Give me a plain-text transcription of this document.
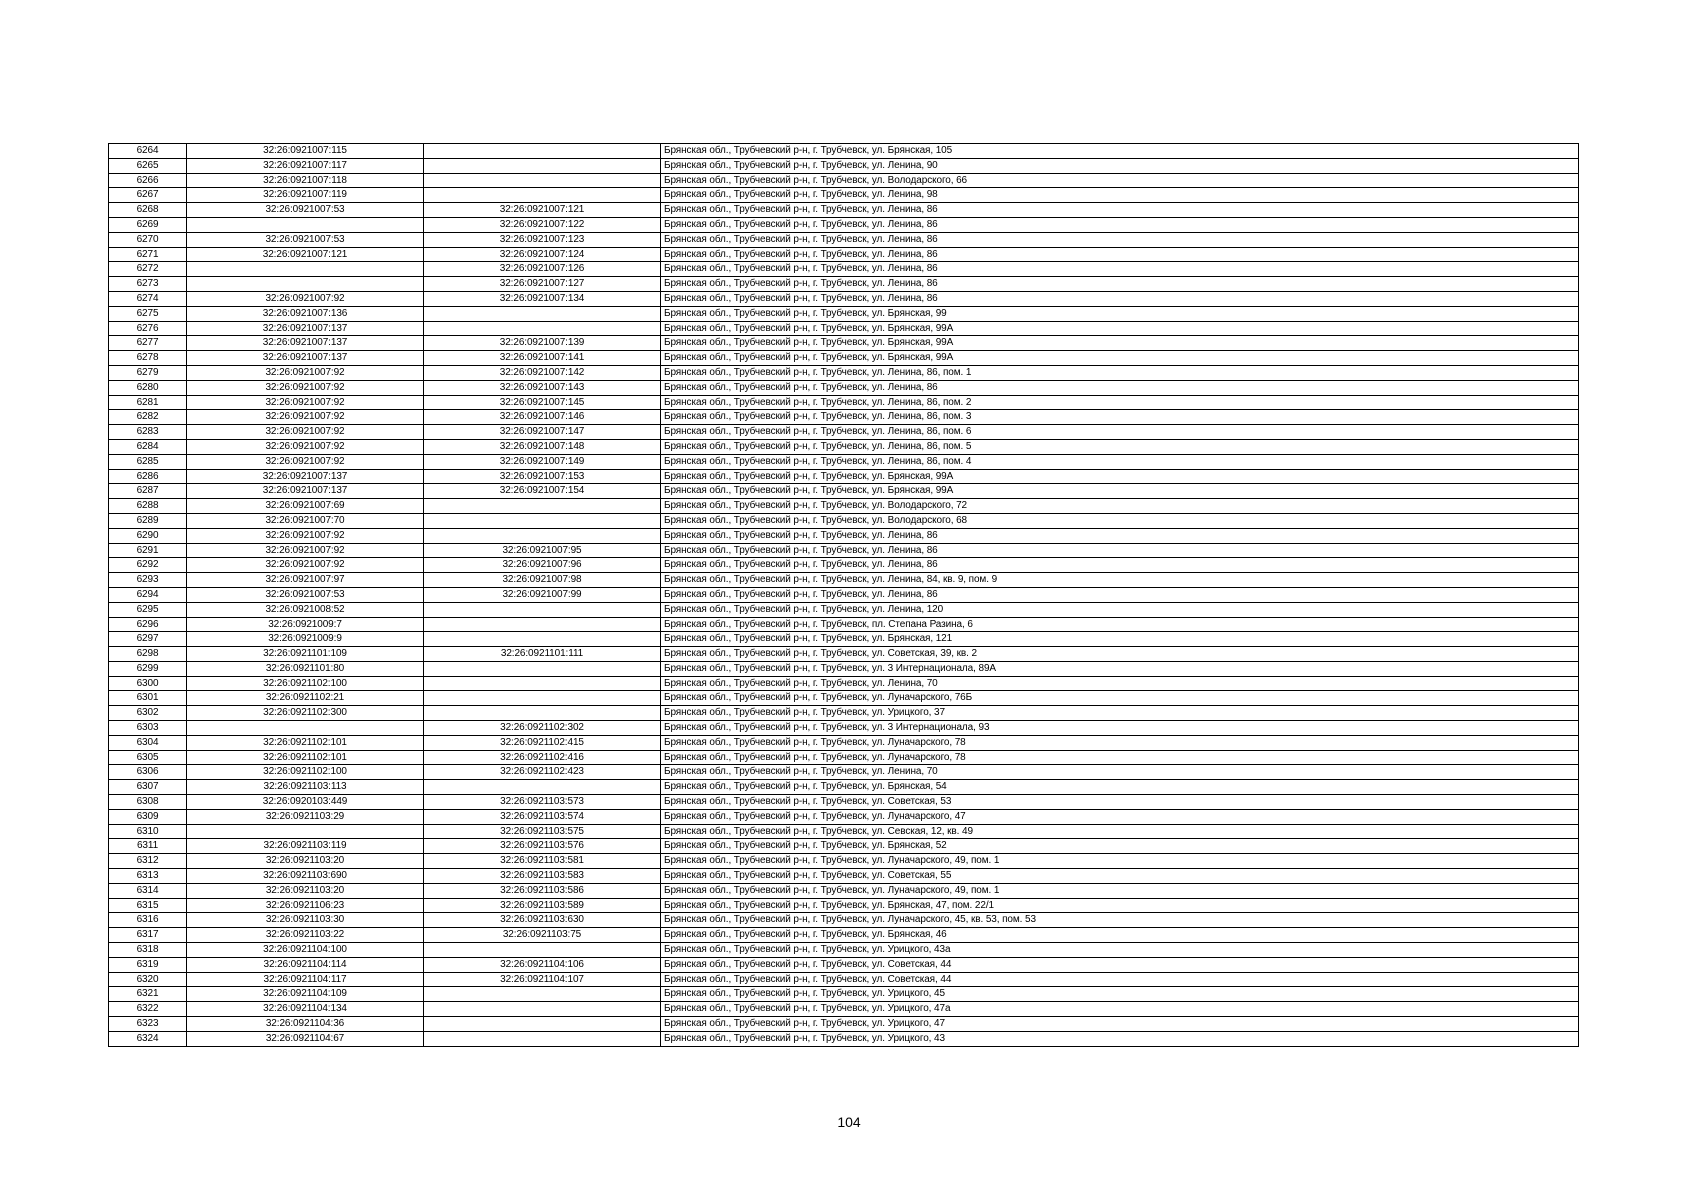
6264	32:26:0921007:115		Брянская обл., Трубчевский р-н, г. Трубчевск, ул. Брянская, 105
6265	32:26:0921007:117		Брянская обл., Трубчевский р-н, г. Трубчевск, ул. Ленина, 90
6266	32:26:0921007:118		Брянская обл., Трубчевский р-н, г. Трубчевск, ул. Володарского, 66
6267	32:26:0921007:119		Брянская обл., Трубчевский р-н, г. Трубчевск, ул. Ленина, 98
6268	32:26:0921007:53	32:26:0921007:121	Брянская обл., Трубчевский р-н, г. Трубчевск, ул. Ленина, 86
6269		32:26:0921007:122	Брянская обл., Трубчевский р-н, г. Трубчевск, ул. Ленина, 86
6270	32:26:0921007:53	32:26:0921007:123	Брянская обл., Трубчевский р-н, г. Трубчевск, ул. Ленина, 86
6271	32:26:0921007:121	32:26:0921007:124	Брянская обл., Трубчевский р-н, г. Трубчевск, ул. Ленина, 86
6272		32:26:0921007:126	Брянская обл., Трубчевский р-н, г. Трубчевск, ул. Ленина, 86
6273		32:26:0921007:127	Брянская обл., Трубчевский р-н, г. Трубчевск, ул. Ленина, 86
6274	32:26:0921007:92	32:26:0921007:134	Брянская обл., Трубчевский р-н, г. Трубчевск, ул. Ленина, 86
6275	32:26:0921007:136		Брянская обл., Трубчевский р-н, г. Трубчевск, ул. Брянская, 99
6276	32:26:0921007:137		Брянская обл., Трубчевский р-н, г. Трубчевск, ул. Брянская, 99А
6277	32:26:0921007:137	32:26:0921007:139	Брянская обл., Трубчевский р-н, г. Трубчевск, ул. Брянская, 99А
6278	32:26:0921007:137	32:26:0921007:141	Брянская обл., Трубчевский р-н, г. Трубчевск, ул. Брянская, 99А
6279	32:26:0921007:92	32:26:0921007:142	Брянская обл., Трубчевский р-н, г. Трубчевск, ул. Ленина, 86, пом. 1
6280	32:26:0921007:92	32:26:0921007:143	Брянская обл., Трубчевский р-н, г. Трубчевск, ул. Ленина, 86
6281	32:26:0921007:92	32:26:0921007:145	Брянская обл., Трубчевский р-н, г. Трубчевск, ул. Ленина, 86, пом. 2
6282	32:26:0921007:92	32:26:0921007:146	Брянская обл., Трубчевский р-н, г. Трубчевск, ул. Ленина, 86, пом. 3
6283	32:26:0921007:92	32:26:0921007:147	Брянская обл., Трубчевский р-н, г. Трубчевск, ул. Ленина, 86, пом. 6
6284	32:26:0921007:92	32:26:0921007:148	Брянская обл., Трубчевский р-н, г. Трубчевск, ул. Ленина, 86, пом. 5
6285	32:26:0921007:92	32:26:0921007:149	Брянская обл., Трубчевский р-н, г. Трубчевск, ул. Ленина, 86, пом. 4
6286	32:26:0921007:137	32:26:0921007:153	Брянская обл., Трубчевский р-н, г. Трубчевск, ул. Брянская, 99А
6287	32:26:0921007:137	32:26:0921007:154	Брянская обл., Трубчевский р-н, г. Трубчевск, ул. Брянская, 99А
6288	32:26:0921007:69		Брянская обл., Трубчевский р-н, г. Трубчевск, ул. Володарского, 72
6289	32:26:0921007:70		Брянская обл., Трубчевский р-н, г. Трубчевск, ул. Володарского, 68
6290	32:26:0921007:92		Брянская обл., Трубчевский р-н, г. Трубчевск, ул. Ленина, 86
6291	32:26:0921007:92	32:26:0921007:95	Брянская обл., Трубчевский р-н, г. Трубчевск, ул. Ленина, 86
6292	32:26:0921007:92	32:26:0921007:96	Брянская обл., Трубчевский р-н, г. Трубчевск, ул. Ленина, 86
6293	32:26:0921007:97	32:26:0921007:98	Брянская обл., Трубчевский р-н, г. Трубчевск, ул. Ленина, 84, кв. 9, пом. 9
6294	32:26:0921007:53	32:26:0921007:99	Брянская обл., Трубчевский р-н, г. Трубчевск, ул. Ленина, 86
6295	32:26:0921008:52		Брянская обл., Трубчевский р-н, г. Трубчевск, ул. Ленина, 120
6296	32:26:0921009:7		Брянская обл., Трубчевский р-н, г. Трубчевск, пл. Степана Разина, 6
6297	32:26:0921009:9		Брянская обл., Трубчевский р-н, г. Трубчевск, ул. Брянская, 121
6298	32:26:0921101:109	32:26:0921101:111	Брянская обл., Трубчевский р-н, г. Трубчевск, ул. Советская, 39, кв. 2
6299	32:26:0921101:80		Брянская обл., Трубчевский р-н, г. Трубчевск, ул. 3 Интернационала, 89А
6300	32:26:0921102:100		Брянская обл., Трубчевский р-н, г. Трубчевск, ул. Ленина, 70
6301	32:26:0921102:21		Брянская обл., Трубчевский р-н, г. Трубчевск, ул. Луначарского, 76Б
6302	32:26:0921102:300		Брянская обл., Трубчевский р-н, г. Трубчевск, ул. Урицкого, 37
6303		32:26:0921102:302	Брянская обл., Трубчевский р-н, г. Трубчевск, ул. 3 Интернационала, 93
6304	32:26:0921102:101	32:26:0921102:415	Брянская обл., Трубчевский р-н, г. Трубчевск, ул. Луначарского, 78
6305	32:26:0921102:101	32:26:0921102:416	Брянская обл., Трубчевский р-н, г. Трубчевск, ул. Луначарского, 78
6306	32:26:0921102:100	32:26:0921102:423	Брянская обл., Трубчевский р-н, г. Трубчевск, ул. Ленина, 70
6307	32:26:0921103:113		Брянская обл., Трубчевский р-н, г. Трубчевск, ул. Брянская, 54
6308	32:26:0920103:449	32:26:0921103:573	Брянская обл., Трубчевский р-н, г. Трубчевск, ул. Советская, 53
6309	32:26:0921103:29	32:26:0921103:574	Брянская обл., Трубчевский р-н, г. Трубчевск, ул. Луначарского, 47
6310		32:26:0921103:575	Брянская обл., Трубчевский р-н, г. Трубчевск, ул. Севская, 12, кв. 49
6311	32:26:0921103:119	32:26:0921103:576	Брянская обл., Трубчевский р-н, г. Трубчевск, ул. Брянская, 52
6312	32:26:0921103:20	32:26:0921103:581	Брянская обл., Трубчевский р-н, г. Трубчевск, ул. Луначарского, 49, пом. 1
6313	32:26:0921103:690	32:26:0921103:583	Брянская обл., Трубчевский р-н, г. Трубчевск, ул. Советская, 55
6314	32:26:0921103:20	32:26:0921103:586	Брянская обл., Трубчевский р-н, г. Трубчевск, ул. Луначарского, 49, пом. 1
6315	32:26:0921106:23	32:26:0921103:589	Брянская обл., Трубчевский р-н, г. Трубчевск, ул. Брянская, 47, пом. 22/1
6316	32:26:0921103:30	32:26:0921103:630	Брянская обл., Трубчевский р-н, г. Трубчевск, ул. Луначарского, 45, кв. 53, пом. 53
6317	32:26:0921103:22	32:26:0921103:75	Брянская обл., Трубчевский р-н, г. Трубчевск, ул. Брянская, 46
6318	32:26:0921104:100		Брянская обл., Трубчевский р-н, г. Трубчевск, ул. Урицкого, 43а
6319	32:26:0921104:114	32:26:0921104:106	Брянская обл., Трубчевский р-н, г. Трубчевск, ул. Советская, 44
6320	32:26:0921104:117	32:26:0921104:107	Брянская обл., Трубчевский р-н, г. Трубчевск, ул. Советская, 44
6321	32:26:0921104:109		Брянская обл., Трубчевский р-н, г. Трубчевск, ул. Урицкого, 45
6322	32:26:0921104:134		Брянская обл., Трубчевский р-н, г. Трубчевск, ул. Урицкого, 47а
6323	32:26:0921104:36		Брянская обл., Трубчевский р-н, г. Трубчевск, ул. Урицкого, 47
6324	32:26:0921104:67		Брянская обл., Трубчевский р-н, г. Трубчевск, ул. Урицкого, 43
104
